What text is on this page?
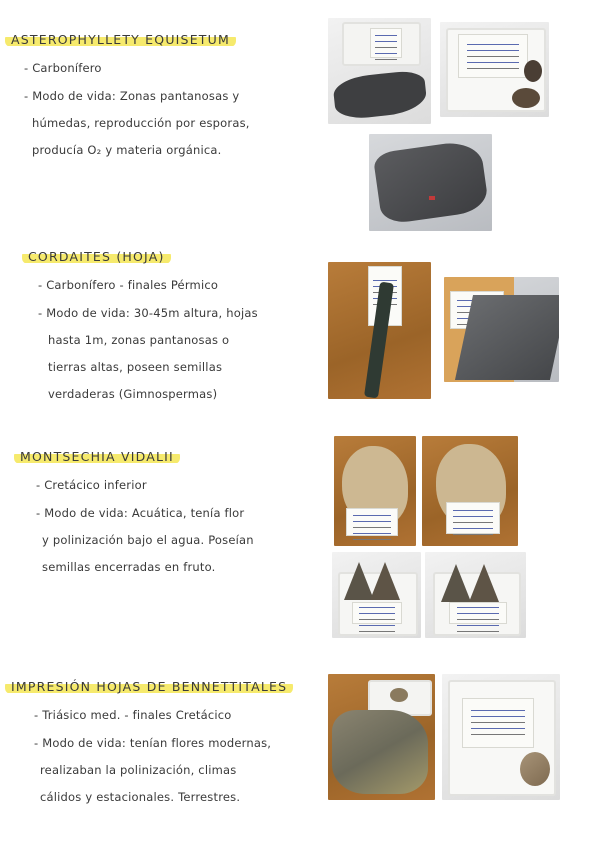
ASTEROPHYLLETY EQUISETUM
- Carbonífero
- Modo de vida: Zonas pantanosas y
húmedas, reproducción por esporas,
producía O₂ y materia orgánica.
CORDAITES (HOJA)
- Carbonífero - finales Pérmico
- Modo de vida: 30-45m altura, hojas
hasta 1m, zonas pantanosas o
tierras altas, poseen semillas
verdaderas (Gimnospermas)
MONTSECHIA VIDALII
- Cretácico inferior
- Modo de vida: Acuática, tenía flor
y polinización bajo el agua. Poseían
semillas encerradas en fruto.
IMPRESIÓN HOJAS DE BENNETTITALES
- Triásico med. - finales Cretácico
- Modo de vida: tenían flores modernas,
realizaban la polinización, climas
cálidos y estacionales. Terrestres.
